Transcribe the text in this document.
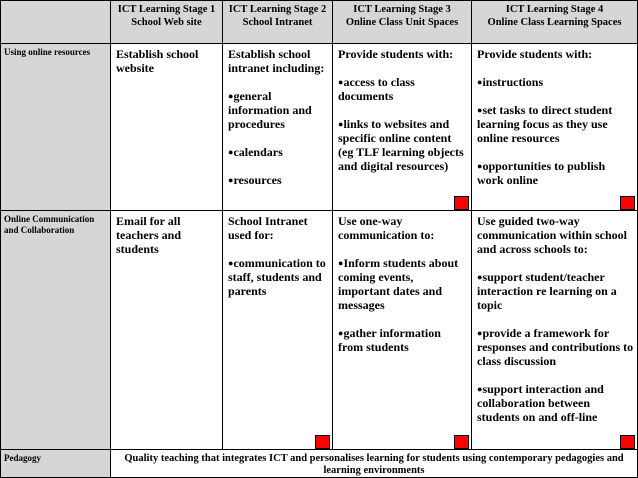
ICT Learning Stage 1
School Web site
ICT Learning Stage 2
School Intranet
ICT Learning Stage 3
Online Class Unit Spaces
ICT Learning Stage 4
Online Class Learning Spaces
Using online resources	Establish school website

Establish school intranet including:

●general information and procedures
●calendars
●resources

Provide students with:

●access to class documents
●links to websites and specific online content (eg TLF learning objects and digital resources)

Provide students with:

●instructions
●set tasks to direct student learning focus as they use online resources
●opportunities to publish work online
Online Communication and Collaboration

Email for all teachers and students

School Intranet used for:

●communication to staff, students and parents

Use one-way communication to:

●Inform students about coming events, important dates and messages
●gather information from students

Use guided two-way communication within school and across schools to:

●support student/teacher interaction re learning on a topic
●provide a framework for responses and contributions to class discussion
●support interaction and collaboration between students on and off-line
Pedagogy	Quality teaching that integrates ICT and personalises learning for students using contemporary pedagogies and learning environments
